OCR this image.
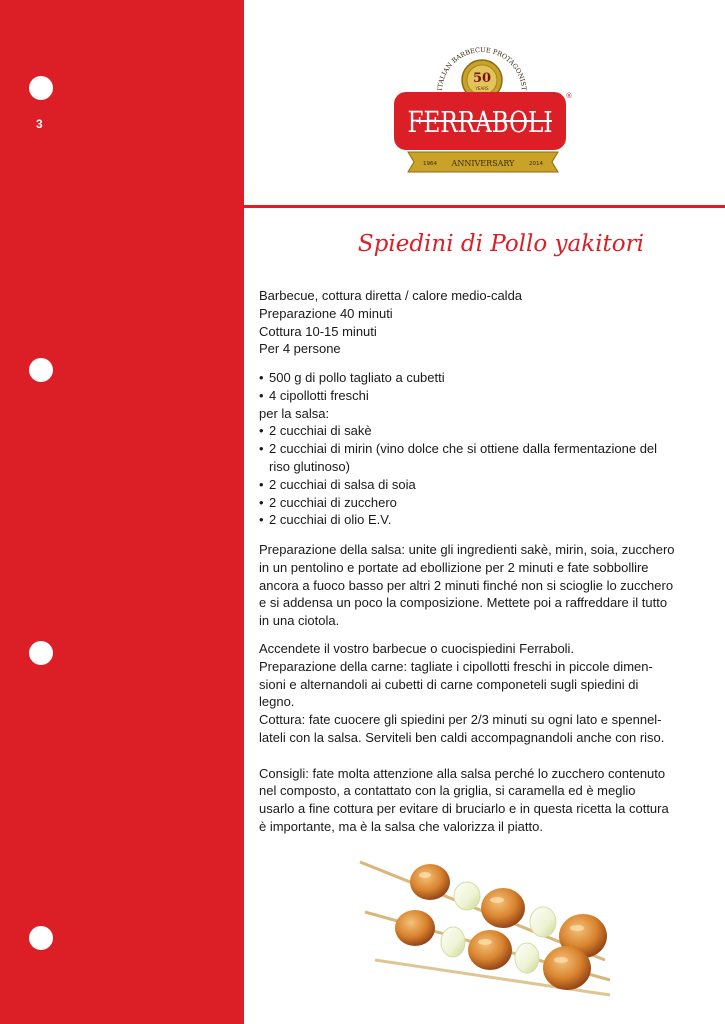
3
ITALIAN BARBECUE PROTAGONIST
50
YEARS
FERRABOLI
®
1964 ANNIVERSARY	2014
Spiedini di Pollo yakitori
Barbecue, cottura diretta / calore medio-calda
Preparazione 40 minuti
Cottura 10-15 minuti
Per 4 persone
• 500 g di pollo tagliato a cubetti
• 4 cipollotti freschi
per la salsa:
• 2 cucchiai di sakè
• 2 cucchiai di mirin (vino dolce che si ottiene dalla fermentazione del
riso glutinoso)
• 2 cucchiai di salsa di soia
• 2 cucchiai di zucchero
• 2 cucchiai di olio E.V.
Preparazione della salsa: unite gli ingredienti sakè, mirin, soia, zucchero
in un pentolino e portate ad ebollizione per 2 minuti e fate sobbollire
ancora a fuoco basso per altri 2 minuti finché non si scioglie lo zucchero
e si addensa un poco la composizione. Mettete poi a raffreddare il tutto
in una ciotola.
Accendete il vostro barbecue o cuocispiedini Ferraboli.
Preparazione della carne: tagliate i cipollotti freschi in piccole dimen-
sioni e alternandoli ai cubetti di carne componeteli sugli spiedini di
legno.
Cottura: fate cuocere gli spiedini per 2/3 minuti su ogni lato e spennel-
lateli con la salsa. Serviteli ben caldi accompagnandoli anche con riso.
Consigli: fate molta attenzione alla salsa perché lo zucchero contenuto
nel composto, a contattato con la griglia, si caramella ed è meglio
usarlo a fine cottura per evitare di bruciarlo e in questa ricetta la cottura
è importante, ma è la salsa che valorizza il piatto.
